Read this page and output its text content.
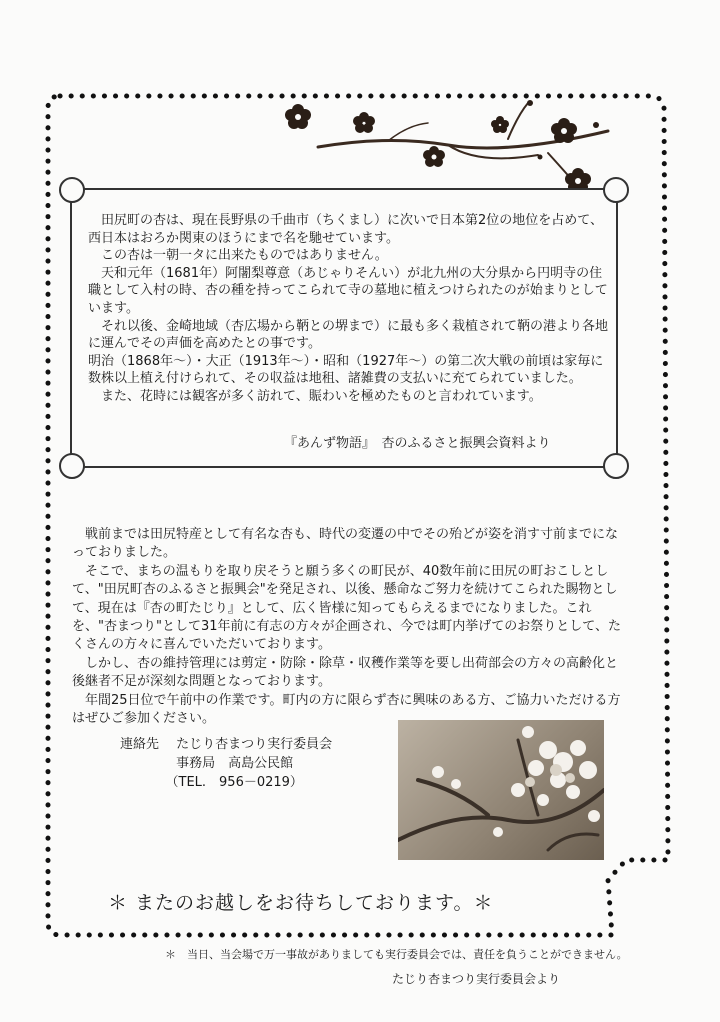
　田尻町の杏は、現在長野県の千曲市（ちくまし）に次いで日本第2位の地位を占めて、西日本はおろか関東のほうにまで名を馳せています。

　この杏は一朝一タに出来たものではありません。

　天和元年（1681年）阿闍梨尊意（あじゃりそんい）が北九州の大分県から円明寺の住職として入村の時、杏の種を持ってこられて寺の墓地に植えつけられたのが始まりとしています。

　それ以後、金崎地域（杏広場から鞆との堺まで）に最も多く栽植されて鞆の港より各地に運んでその声価を高めたとの事です。

明治（1868年～）・大正（1913年～）・昭和（1927年～）の第二次大戦の前頃は家毎に数株以上植え付けられて、その収益は地租、諸雑費の支払いに充てられていました。

　また、花時には観客が多く訪れて、賑わいを極めたものと言われています。

『あんず物語』　杏のふるさと振興会資料より

　戦前までは田尻特産として有名な杏も、時代の変遷の中でその殆どが姿を消す寸前までになっておりました。

　そこで、まちの温もりを取り戻そうと願う多くの町民が、40数年前に田尻の町おこしとして、"田尻町杏のふるさと振興会"を発足され、以後、懸命なご努力を続けてこられた賜物として、現在は『杏の町たじり』として、広く皆様に知ってもらえるまでになりました。これを、"杏まつり"として31年前に有志の方々が企画され、今では町内挙げてのお祭りとして、たくさんの方々に喜んでいただいております。

　しかし、杏の維持管理には剪定・防除・除草・収穫作業等を要し出荷部会の方々の高齢化と後継者不足が深刻な問題となっております。

　年間25日位で午前中の作業です。町内の方に限らず杏に興味のある方、ご協力いただける方はぜひご参加ください。

連絡先　 たじり杏まつり実行委員会
　　　　 事務局　高島公民館
　　　　（TEL.　956－0219）
＊ またのお越しをお待ちしております。＊
＊　当日、当会場で万一事故がありましても実行委員会では、責任を負うことができません。
たじり杏まつり実行委員会より
